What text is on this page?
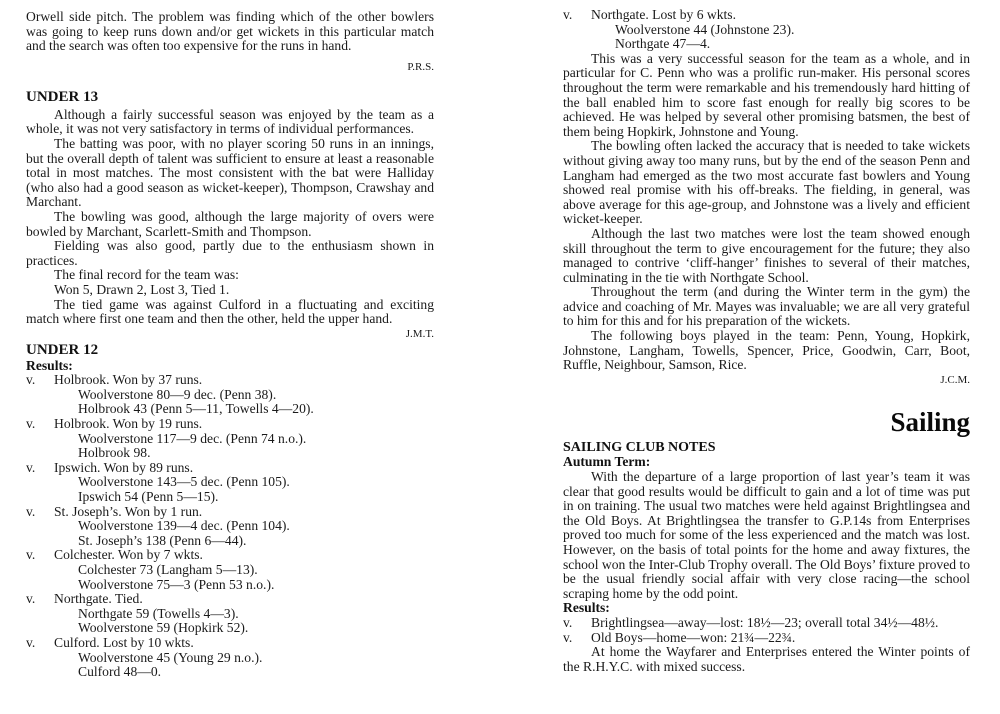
Orwell side pitch. The problem was finding which of the other bowlers was going to keep runs down and/or get wickets in this particular match and the search was often too expensive for the runs in hand.

P.R.S.
UNDER 13

Although a fairly successful season was enjoyed by the team as a whole, it was not very satisfactory in terms of individual performances.

The batting was poor, with no player scoring 50 runs in an innings, but the overall depth of talent was sufficient to ensure at least a reasonable total in most matches. The most consistent with the bat were Halliday (who also had a good season as wicket-keeper), Thompson, Crawshay and Marchant.

The bowling was good, although the large majority of overs were bowled by Marchant, Scarlett-Smith and Thompson.

Fielding was also good, partly due to the enthusiasm shown in practices.

The final record for the team was:

Won 5, Drawn 2, Lost 3, Tied 1.

The tied game was against Culford in a fluctuating and exciting match where first one team and then the other, held the upper hand.

J.M.T.
UNDER 12
Results:
v.	Holbrook. Won by 37 runs.
Woolverstone 80—9 dec. (Penn 38).
Holbrook 43 (Penn 5—11, Towells 4—20).
v.	Holbrook. Won by 19 runs.
Woolverstone 117—9 dec. (Penn 74 n.o.).
Holbrook 98.
v.	Ipswich. Won by 89 runs.
Woolverstone 143—5 dec. (Penn 105).
Ipswich 54 (Penn 5—15).
v.	St. Joseph’s. Won by 1 run.
Woolverstone 139—4 dec. (Penn 104).
St. Joseph’s 138 (Penn 6—44).
v.	Colchester. Won by 7 wkts.
Colchester 73 (Langham 5—13).
Woolverstone 75—3 (Penn 53 n.o.).
v.	Northgate. Tied.
Northgate 59 (Towells 4—3).
Woolverstone 59 (Hopkirk 52).
v.	Culford. Lost by 10 wkts.
Woolverstone 45 (Young 29 n.o.).
Culford 48—0.
v.	Northgate. Lost by 6 wkts.
Woolverstone 44 (Johnstone 23).
Northgate 47—4.

This was a very successful season for the team as a whole, and in particular for C. Penn who was a prolific run-maker. His personal scores throughout the term were remarkable and his tremendously hard hitting of the ball enabled him to score fast enough for really big scores to be achieved. He was helped by several other promising batsmen, the best of them being Hopkirk, Johnstone and Young.

The bowling often lacked the accuracy that is needed to take wickets without giving away too many runs, but by the end of the season Penn and Langham had emerged as the two most accurate fast bowlers and Young showed real promise with his off-breaks. The fielding, in general, was above average for this age-group, and Johnstone was a lively and efficient wicket-keeper.

Although the last two matches were lost the team showed enough skill throughout the term to give encouragement for the future; they also managed to contrive ‘cliff-hanger’ finishes to several of their matches, culminating in the tie with Northgate School.

Throughout the term (and during the Winter term in the gym) the advice and coaching of Mr. Mayes was invaluable; we are all very grateful to him for this and for his preparation of the wickets.

The following boys played in the team: Penn, Young, Hopkirk, Johnstone, Langham, Towells, Spencer, Price, Goodwin, Carr, Boot, Ruffle, Neighbour, Samson, Rice.

J.C.M.
Sailing
SAILING CLUB NOTES
Autumn Term:

With the departure of a large proportion of last year’s team it was clear that good results would be difficult to gain and a lot of time was put in on training. The usual two matches were held against Brightlingsea and the Old Boys. At Brightlingsea the transfer to G.P.14s from Enterprises proved too much for some of the less experienced and the match was lost. However, on the basis of total points for the home and away fixtures, the school won the Inter-Club Trophy overall. The Old Boys’ fixture proved to be the usual friendly social affair with very close racing—the school scraping home by the odd point.

Results:
v.	Brightlingsea—away—lost: 18½—23; overall total 34½—48½.
v.	Old Boys—home—won: 21¾—22¾.

At home the Wayfarer and Enterprises entered the Winter points of the R.H.Y.C. with mixed success.
